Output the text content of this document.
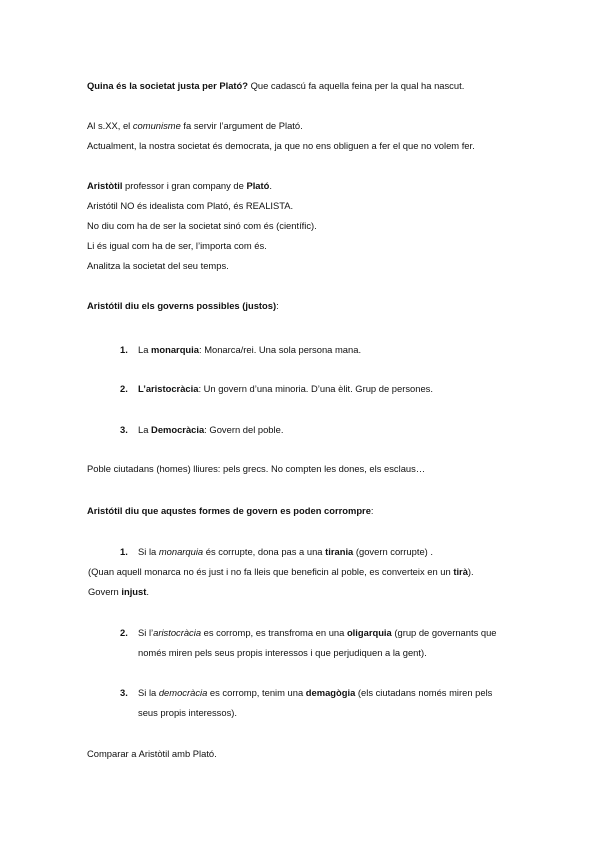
Quina és la societat justa per Plató? Que cadascú fa aquella feina per la qual ha nascut.
Al s.XX, el comunisme fa servir l’argument de Plató.
Actualment, la nostra societat és democrata, ja que no ens obliguen a fer el que no volem fer.
Aristòtil professor i gran company de Plató.
Aristótil NO és idealista com Plató, és REALISTA.
No diu com ha de ser la societat sinó com és (científic).
Li és igual com ha de ser, l’importa com és.
Analitza la societat del seu temps.
Aristótil diu els governs possibles (justos):
1. La monarquia: Monarca/rei. Una sola persona mana.
2. L’aristocràcia: Un govern d’una minoria. D’una èlit. Grup de persones.
3. La Democràcia: Govern del poble.
Poble ciutadans (homes) lliures: pels grecs. No compten les dones, els esclaus…
Aristótil diu que aqustes formes de govern es poden corrompre:
1. Si la monarquia és corrupte, dona pas a una tirania (govern corrupte) .
(Quan aquell monarca no és just i no fa lleis que beneficin al poble, es converteix en un tirà).
Govern injust.
2. Si l’aristocràcia es corromp, es transfroma en una oligarquia (grup de governants que
només miren pels seus propis interessos i que perjudiquen a la gent).
3. Si la democràcia es corromp, tenim una demagògia (els ciutadans només miren pels
seus propis interessos).
Comparar a Aristòtil amb Plató.
